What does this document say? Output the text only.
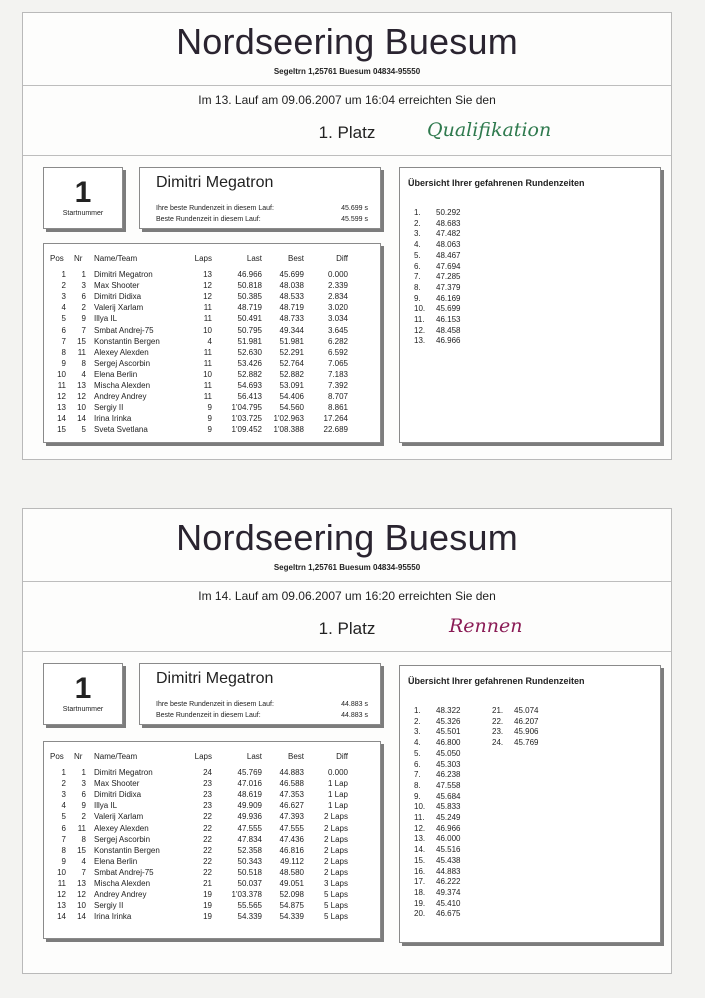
Nordseering Buesum
Segeltrn 1,25761 Buesum 04834-95550
Im 13. Lauf am 09.06.2007 um 16:04 erreichten Sie den
1. Platz	Qualifikation
1
Startnummer
Dimitri Megatron
Ihre beste Rundenzeit in diesem Lauf:	45.699 s
Beste Rundenzeit in diesem Lauf:	45.599 s
Pos Nr Name/Team	Laps	Last	Best	Diff
1	1 Dimitri Megatron	13	46.966	45.699	0.000
2	3 Max Shooter	12	50.818	48.038	2.339
3	6 Dimitri Didixa	12	50.385	48.533	2.834
4	2 Valerij Xarlam	11	48.719	48.719	3.020
5	9 Illya IL	11	50.491	48.733	3.034
6	7 Smbat Andrej-75	10	50.795	49.344	3.645
7	15 Konstantin Bergen	4	51.981	51.981	6.282
8	11 Alexey Alexden	11	52.630	52.291	6.592
9	8 Sergej Ascorbin	11	53.426	52.764	7.065
10	4 Elena Berlin	10	52.882	52.882	7.183
11	13 Mischa Alexden	11	54.693	53.091	7.392
12	12 Andrey Andrey	11	56.413	54.406	8.707
13	10 Sergiy II	9	1'04.795	54.560	8.861
14	14 Irina Irinka	9	1'03.725	1'02.963	17.264
15	5 Sveta Svetlana	9	1'09.452	1'08.388	22.689
Übersicht Ihrer gefahrenen Rundenzeiten
1. 50.292
2. 48.683
3. 47.482
4. 48.063
5. 48.467
6. 47.694
7. 47.285
8. 47.379
9. 46.169
10. 45.699
11. 46.153
12. 48.458
13. 46.966
Nordseering Buesum
Segeltrn 1,25761 Buesum 04834-95550
Im 14. Lauf am 09.06.2007 um 16:20 erreichten Sie den
1. Platz	Rennen
1
Startnummer
Dimitri Megatron
Ihre beste Rundenzeit in diesem Lauf:	44.883 s
Beste Rundenzeit in diesem Lauf:	44.883 s
Pos Nr Name/Team	Laps	Last	Best	Diff
1	1 Dimitri Megatron	24	45.769	44.883	0.000
2	3 Max Shooter	23	47.016	46.588	1 Lap
3	6 Dimitri Didixa	23	48.619	47.353	1 Lap
4	9 Illya IL	23	49.909	46.627	1 Lap
5	2 Valerij Xarlam	22	49.936	47.393	2 Laps
6	11 Alexey Alexden	22	47.555	47.555	2 Laps
7	8 Sergej Ascorbin	22	47.834	47.436	2 Laps
8	15 Konstantin Bergen	22	52.358	46.816	2 Laps
9	4 Elena Berlin	22	50.343	49.112	2 Laps
10	7 Smbat Andrej-75	22	50.518	48.580	2 Laps
11	13 Mischa Alexden	21	50.037	49.051	3 Laps
12	12 Andrey Andrey	19	1'03.378	52.098	5 Laps
13	10 Sergiy II	19	55.565	54.875	5 Laps
14	14 Irina Irinka	19	54.339	54.339	5 Laps
Übersicht Ihrer gefahrenen Rundenzeiten
1. 48.322
2. 45.326
3. 45.501
4. 46.800
5. 45.050
6. 45.303
7. 46.238
8. 47.558
9. 45.684
10. 45.833
11. 45.249
12. 46.966
13. 46.000
14. 45.516
15. 45.438
16. 44.883
17. 46.222
18. 49.374
19. 45.410
20. 46.675
21. 45.074
22. 46.207
23. 45.906
24. 45.769
